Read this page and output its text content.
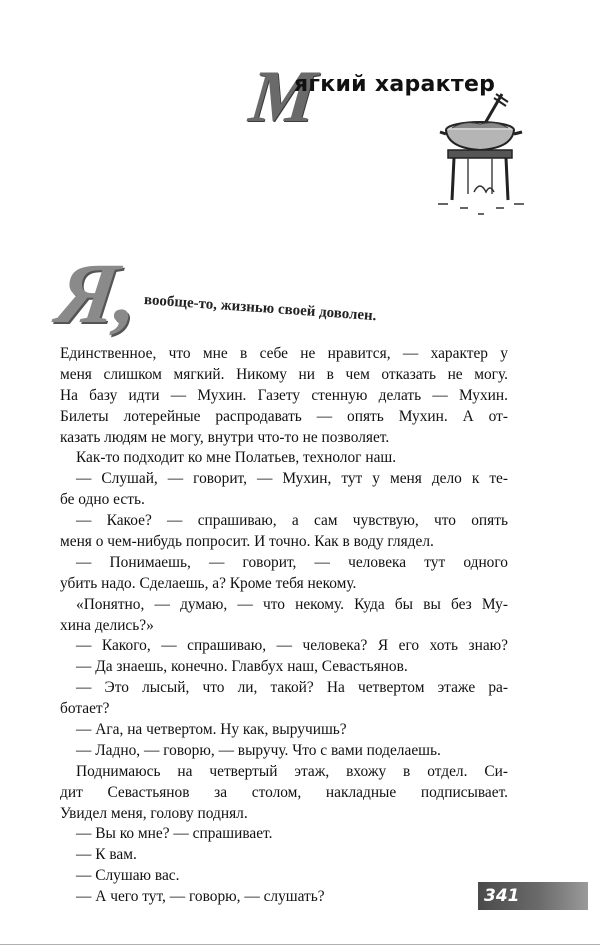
М
ягкий характер
Я,
вообще-то, жизнью своей доволен.
Единственное, что мне в себе не нравится, — характер у
меня слишком мягкий. Никому ни в чем отказать не могу.
На базу идти — Мухин. Газету стенную делать — Мухин.
Билеты лотерейные распродавать — опять Мухин. А от-
казать людям не могу, внутри что-то не позволяет.
Как-то подходит ко мне Полатьев, технолог наш.
— Слушай, — говорит, — Мухин, тут у меня дело к те-
бе одно есть.
— Какое? — спрашиваю, а сам чувствую, что опять
меня о чем-нибудь попросит. И точно. Как в воду глядел.
— Понимаешь, — говорит, — человека тут одного
убить надо. Сделаешь, а? Кроме тебя некому.
«Понятно, — думаю, — что некому. Куда бы вы без Му-
хина делись?»
— Какого, — спрашиваю, — человека? Я его хоть знаю?
— Да знаешь, конечно. Главбух наш, Севастьянов.
— Это лысый, что ли, такой? На четвертом этаже ра-
ботает?
— Ага, на четвертом. Ну как, выручишь?
— Ладно, — говорю, — выручу. Что с вами поделаешь.
Поднимаюсь на четвертый этаж, вхожу в отдел. Си-
дит Севастьянов за столом, накладные подписывает.
Увидел меня, голову поднял.
— Вы ко мне? — спрашивает.
— К вам.
— Слушаю вас.
— А чего тут, — говорю, — слушать?	341
